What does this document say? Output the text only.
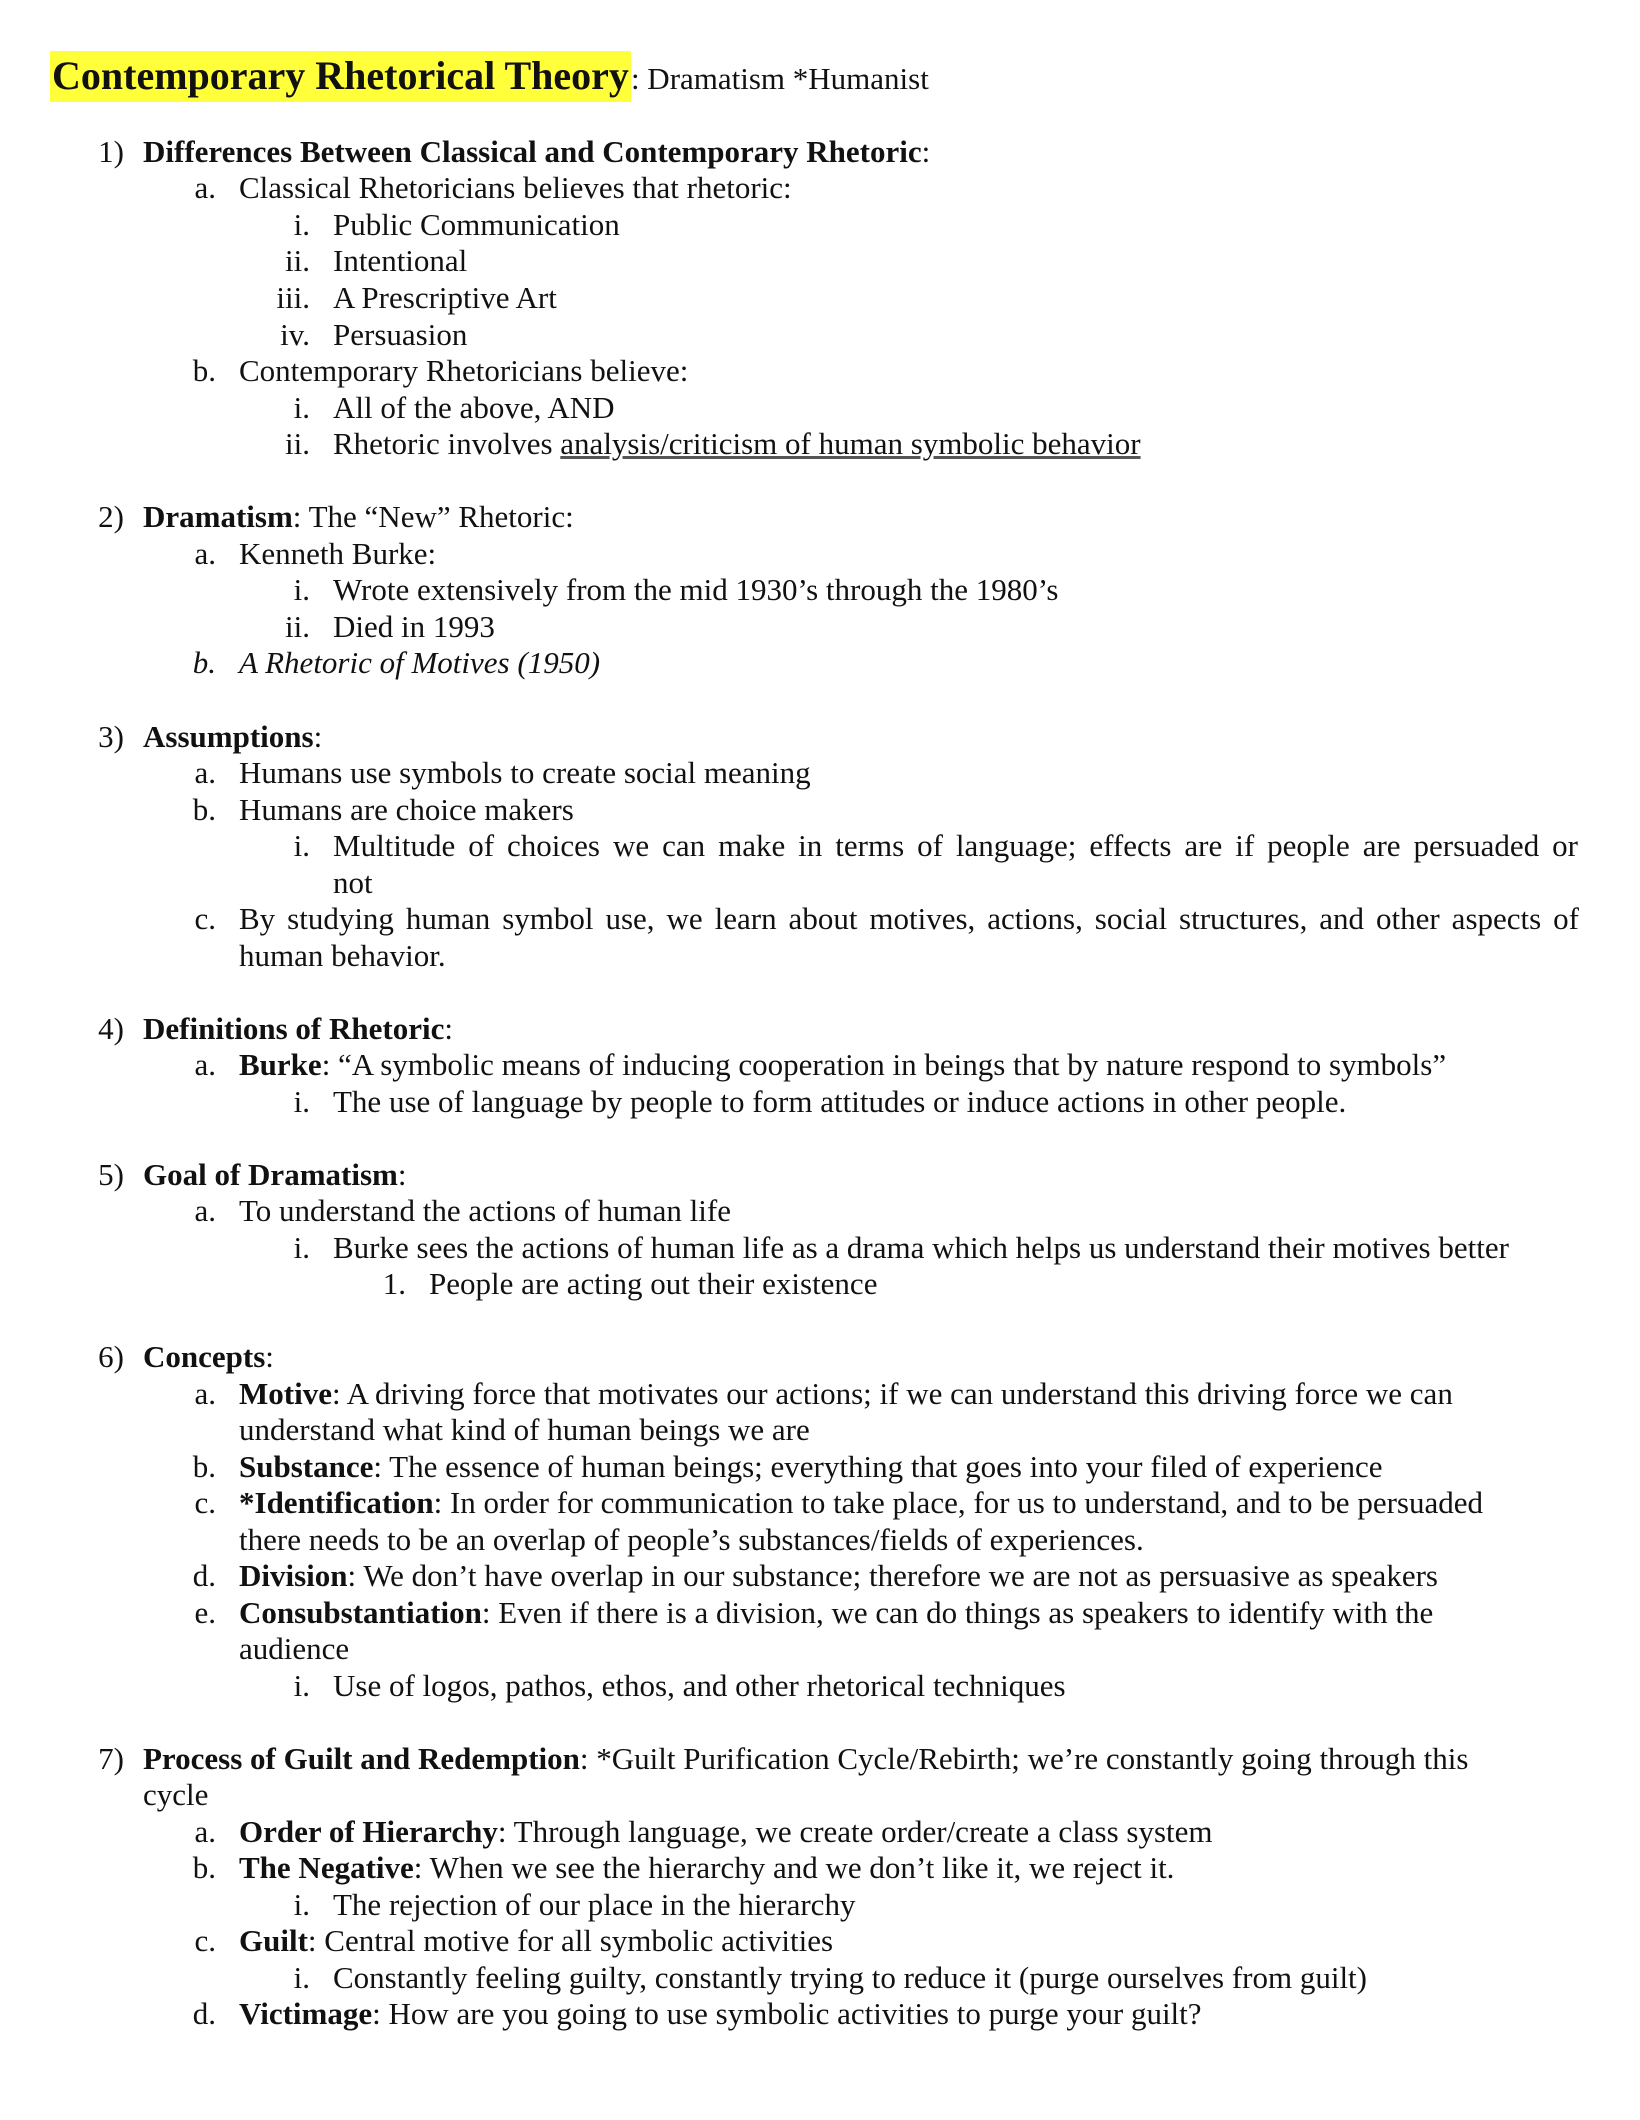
Contemporary Rhetorical Theory: Dramatism *Humanist
1) Differences Between Classical and Contemporary Rhetoric:
a. Classical Rhetoricians believes that rhetoric:
i. Public Communication
ii. Intentional
iii. A Prescriptive Art
iv. Persuasion
b. Contemporary Rhetoricians believe:
i. All of the above, AND
ii. Rhetoric involves analysis/criticism of human symbolic behavior
2) Dramatism: The “New” Rhetoric:
a. Kenneth Burke:
i. Wrote extensively from the mid 1930’s through the 1980’s
ii. Died in 1993
b. A Rhetoric of Motives (1950)
3) Assumptions:
a. Humans use symbols to create social meaning
b. Humans are choice makers
i. Multitude of choices we can make in terms of language; effects are if people are persuaded or
not
c. By studying human symbol use, we learn about motives, actions, social structures, and other aspects of
human behavior.
4) Definitions of Rhetoric:
a. Burke: “A symbolic means of inducing cooperation in beings that by nature respond to symbols”
i. The use of language by people to form attitudes or induce actions in other people.
5) Goal of Dramatism:
a. To understand the actions of human life
i. Burke sees the actions of human life as a drama which helps us understand their motives better
1. People are acting out their existence
6) Concepts:
a. Motive: A driving force that motivates our actions; if we can understand this driving force we can
understand what kind of human beings we are
b. Substance: The essence of human beings; everything that goes into your filed of experience
c. *Identification: In order for communication to take place, for us to understand, and to be persuaded
there needs to be an overlap of people’s substances/fields of experiences.
d. Division: We don’t have overlap in our substance; therefore we are not as persuasive as speakers
e. Consubstantiation: Even if there is a division, we can do things as speakers to identify with the
audience
i. Use of logos, pathos, ethos, and other rhetorical techniques
7) Process of Guilt and Redemption: *Guilt Purification Cycle/Rebirth; we’re constantly going through this
cycle
a. Order of Hierarchy: Through language, we create order/create a class system
b. The Negative: When we see the hierarchy and we don’t like it, we reject it.
i. The rejection of our place in the hierarchy
c. Guilt: Central motive for all symbolic activities
i. Constantly feeling guilty, constantly trying to reduce it (purge ourselves from guilt)
d. Victimage: How are you going to use symbolic activities to purge your guilt?
